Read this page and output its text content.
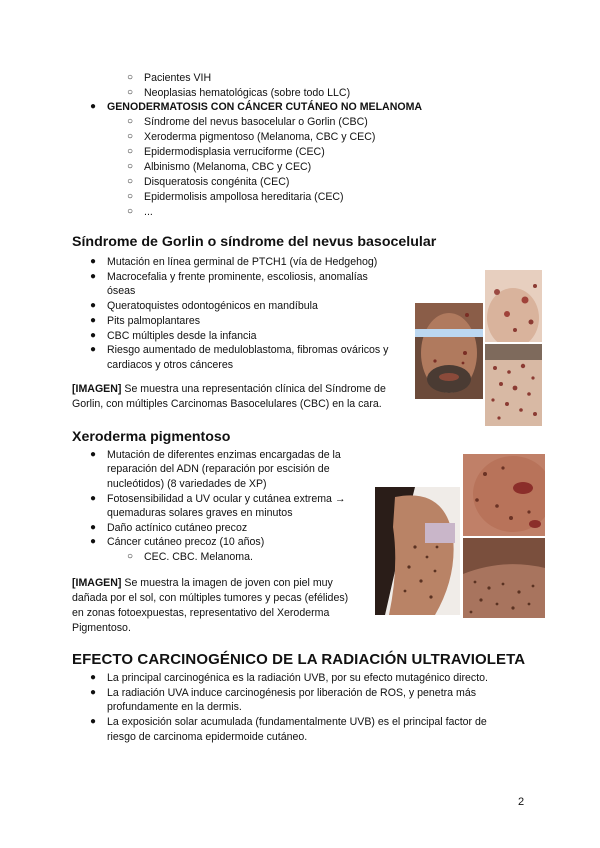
○ Pacientes VIH
○ Neoplasias hematológicas (sobre todo LLC)
● GENODERMATOSIS CON CÁNCER CUTÁNEO NO MELANOMA
○ Síndrome del nevus basocelular o Gorlin (CBC)
○ Xeroderma pigmentoso (Melanoma, CBC y CEC)
○ Epidermodisplasia verruciforme (CEC)
○ Albinismo (Melanoma, CBC y CEC)
○ Disqueratosis congénita (CEC)
○ Epidermolisis ampollosa hereditaria (CEC)
○ ...
Síndrome de Gorlin o síndrome del nevus basocelular
● Mutación en línea germinal de PTCH1 (vía de Hedgehog)
● Macrocefalia y frente prominente, escoliosis, anomalías
óseas
● Queratoquistes odontogénicos en mandíbula
● Pits palmoplantares
● CBC múltiples desde la infancia
● Riesgo aumentado de meduloblastoma, fibromas ováricos y
cardiacos y otros cánceres
[IMAGEN] Se muestra una representación clínica del Síndrome de
Gorlin, con múltiples Carcinomas Basocelulares (CBC) en la cara.
Xeroderma pigmentoso
● Mutación de diferentes enzimas encargadas de la
reparación del ADN (reparación por escisión de
nucleótidos) (8 variedades de XP)
● Fotosensibilidad a UV ocular y cutánea extrema →
quemaduras solares graves en minutos
● Daño actínico cutáneo precoz
● Cáncer cutáneo precoz (10 años)
○ CEC. CBC. Melanoma.
[IMAGEN] Se muestra la imagen de joven con piel muy
dañada por el sol, con múltiples tumores y pecas (efélides)
en zonas fotoexpuestas, representativo del Xeroderma
Pigmentoso.
EFECTO CARCINOGÉNICO DE LA RADIACIÓN ULTRAVIOLETA
● La principal carcinogénica es la radiación UVB, por su efecto mutagénico directo.
● La radiación UVA induce carcinogénesis por liberación de ROS, y penetra más
profundamente en la dermis.
● La exposición solar acumulada (fundamentalmente UVB) es el principal factor de
riesgo de carcinoma epidermoide cutáneo.
2
